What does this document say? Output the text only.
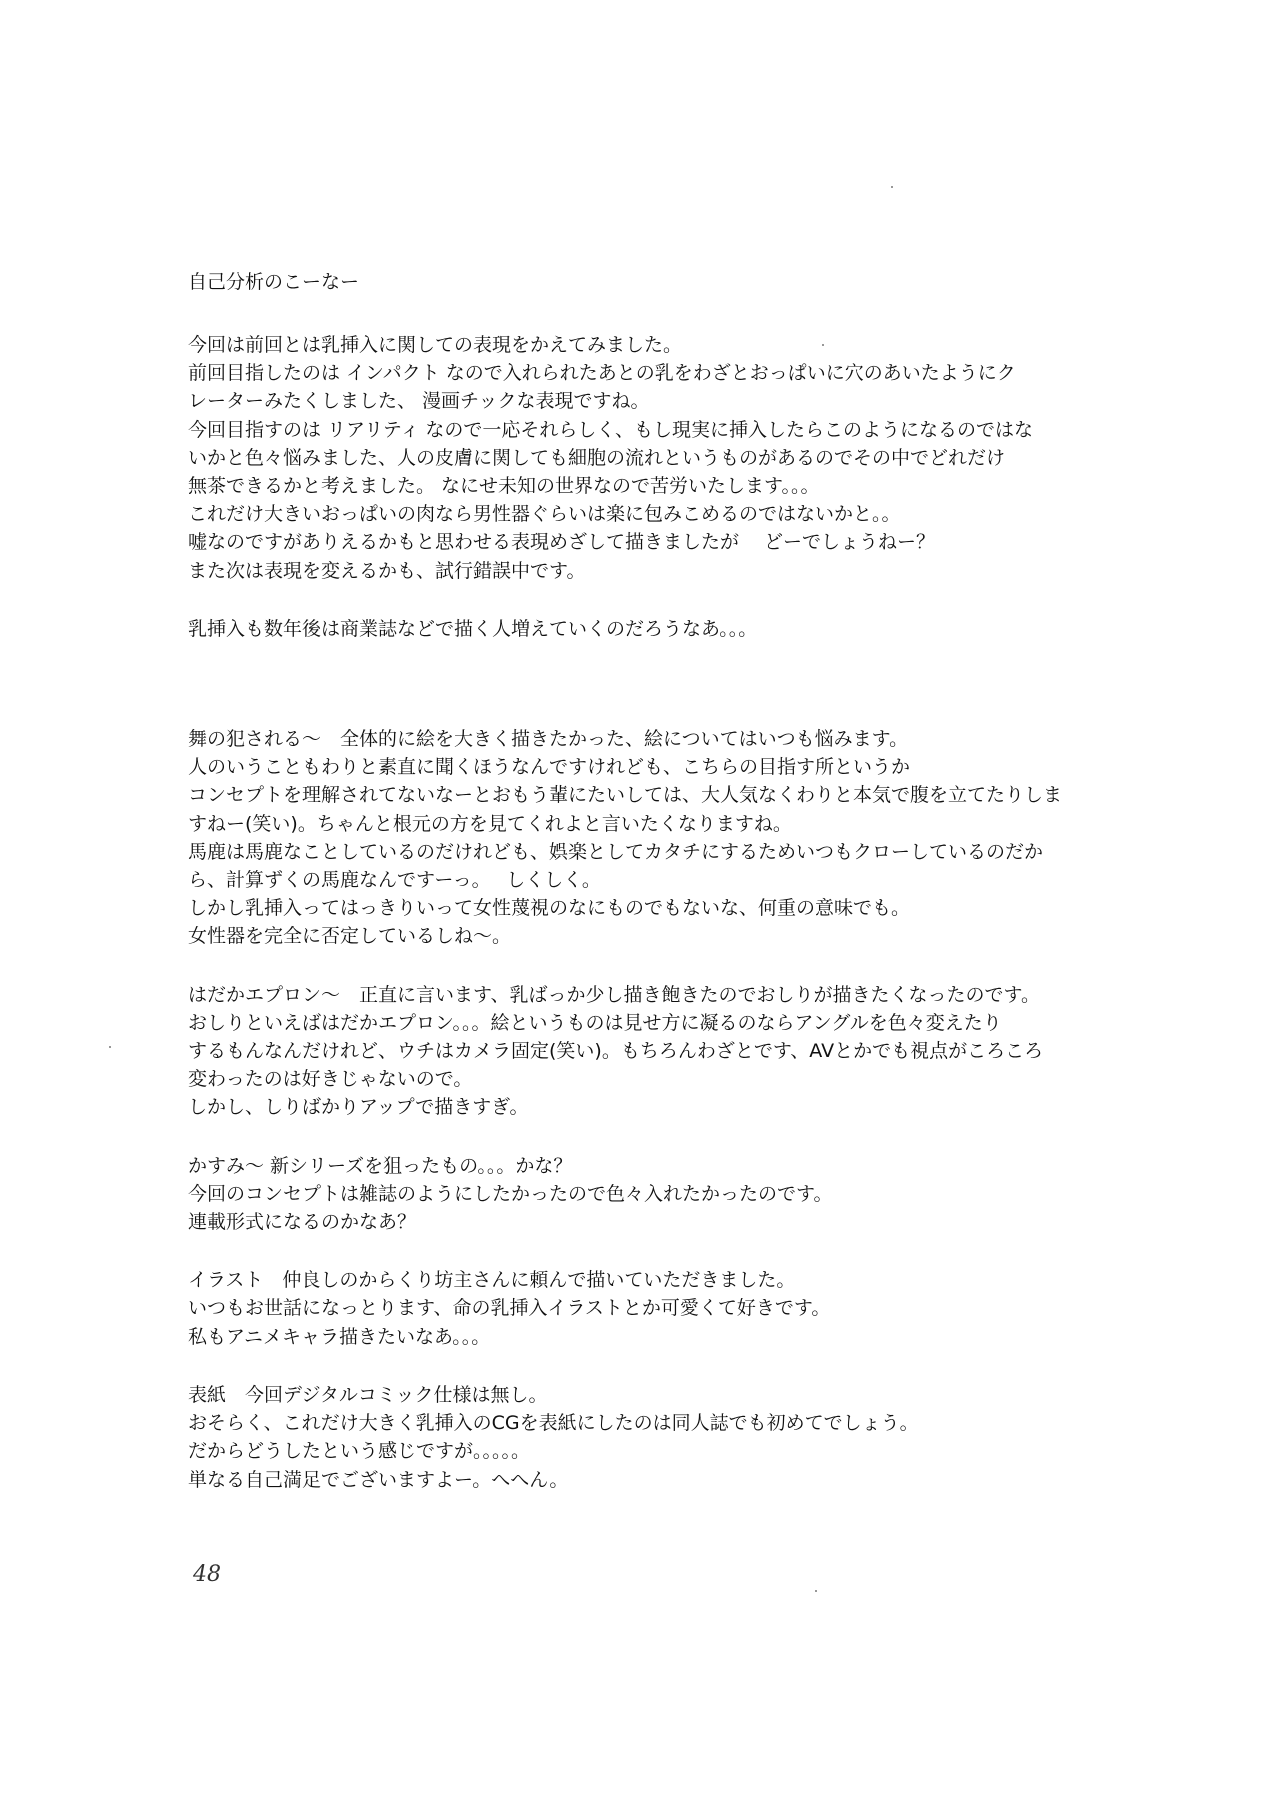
自己分析のこーなー
今回は前回とは乳挿入に関しての表現をかえてみました。
前回目指したのは インパクト なので入れられたあとの乳をわざとおっぱいに穴のあいたようにク
レーターみたくしました、 漫画チックな表現ですね。
今回目指すのは リアリティ なので一応それらしく、もし現実に挿入したらこのようになるのではな
いかと色々悩みました、人の皮膚に関しても細胞の流れというものがあるのでその中でどれだけ
無茶できるかと考えました。 なにせ未知の世界なので苦労いたします。。。
これだけ大きいおっぱいの肉なら男性器ぐらいは楽に包みこめるのではないかと。。
嘘なのですがありえるかもと思わせる表現めざして描きましたが　 どーでしょうねー？
また次は表現を変えるかも、試行錯誤中です。
乳挿入も数年後は商業誌などで描く人増えていくのだろうなあ。。。
舞の犯される～　全体的に絵を大きく描きたかった、絵についてはいつも悩みます。
人のいうこともわりと素直に聞くほうなんですけれども、こちらの目指す所というか
コンセプトを理解されてないなーとおもう輩にたいしては、大人気なくわりと本気で腹を立てたりしま
すねー(笑い)。ちゃんと根元の方を見てくれよと言いたくなりますね。
馬鹿は馬鹿なことしているのだけれども、娯楽としてカタチにするためいつもクローしているのだか
ら、計算ずくの馬鹿なんですーっ。　 しくしく。
しかし乳挿入ってはっきりいって女性蔑視のなにものでもないな、何重の意味でも。
女性器を完全に否定しているしね～。
はだかエプロン～　正直に言います、乳ばっか少し描き飽きたのでおしりが描きたくなったのです。
おしりといえばはだかエプロン。。。絵というものは見せ方に凝るのならアングルを色々変えたり
するもんなんだけれど、ウチはカメラ固定(笑い)。もちろんわざとです、AVとかでも視点がころころ
変わったのは好きじゃないので。
しかし、しりばかりアップで描きすぎ。
かすみ～ 新シリーズを狙ったもの。。。かな？
今回のコンセプトは雑誌のようにしたかったので色々入れたかったのです。
連載形式になるのかなあ？
イラスト　仲良しのからくり坊主さんに頼んで描いていただきました。
いつもお世話になっとります、命の乳挿入イラストとか可愛くて好きです。
私もアニメキャラ描きたいなあ。。。
表紙　今回デジタルコミック仕様は無し。
おそらく、これだけ大きく乳挿入のCGを表紙にしたのは同人誌でも初めてでしょう。
だからどうしたという感じですが。。。。。
単なる自己満足でございますよー。へへん。
48
